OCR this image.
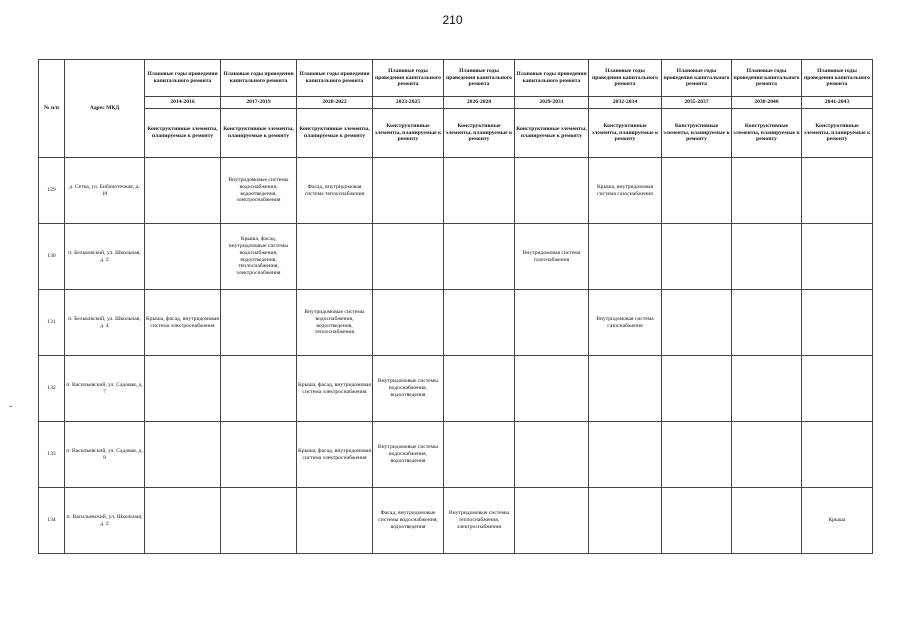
210
№ п/п	Адрес МКД	Плановые годы проведения капитального ремонта	Плановые годы проведения капитального ремонта	Плановые годы проведения капитального ремонта	Плановые годы проведения капитального ремонта	Плановые годы проведения капитального ремонта	Плановые годы проведения капитального ремонта	Плановые годы проведения капитального ремонта	Плановые годы проведения капитального ремонта	Плановые годы проведения капитального ремонта	Плановые годы проведения капитального ремонта
		2014-2016	2017-2019	2020-2022	2023-2025	2026-2028	2029-2031	2032-2034	2035-2037	2038-2040	2041-2043
		Конструктивные элементы, планируемые к ремонту	Конструктивные элементы, планируемые к ремонту	Конструктивные элементы, планируемые к ремонту	Конструктивные элементы, планируемые к ремонту	Конструктивные элементы, планируемые к ремонту	Конструктивные элементы, планируемые к ремонту	Конструктивные элементы, планируемые к ремонту	Конструктивные элементы, планируемые к ремонту	Конструктивные элементы, планируемые к ремонту	Конструктивные элементы, планируемые к ремонту
129	д. Сетка, ул. Библиотечная, д. 10		Внутридомовые системы водоснабжения, водоотведения, электроснабжения	Фасад, внутридомовая система теплоснабжения				Крыша, внутридомовая система газоснабжения			
130	п. Бельковский, ул. Школьная, д. 2		Крыша, фасад, внутридомовые системы водоснабжения, водоотведения, теплоснабжения, электроснабжения				Внутридомовая система газоснабжения				
131	п. Бельковский, ул. Школьная, д. 4	Крыша, фасад, внутридомовая система электроснабжения		Внутридомовые системы водоснабжения, водоотведения, теплоснабжения				Внутридомовая система газоснабжения			
132	п. Васильевский, ул. Садовая, д. 7			Крыша, фасад, внутридомовая система электроснабжения	Внутридомовые системы водоснабжения, водоотведения						
133	п. Васильевский, ул. Садовая, д. 8			Крыша, фасад, внутридомовая система электроснабжения	Внутридомовые системы водоснабжения, водоотведения						
134	п. Васильевский, ул. Школьная, д. 2				Фасад, внутридомовые системы водоснабжения, водоотведения	Внутридомовые системы теплоснабжения, электроснабжения					Крыша
